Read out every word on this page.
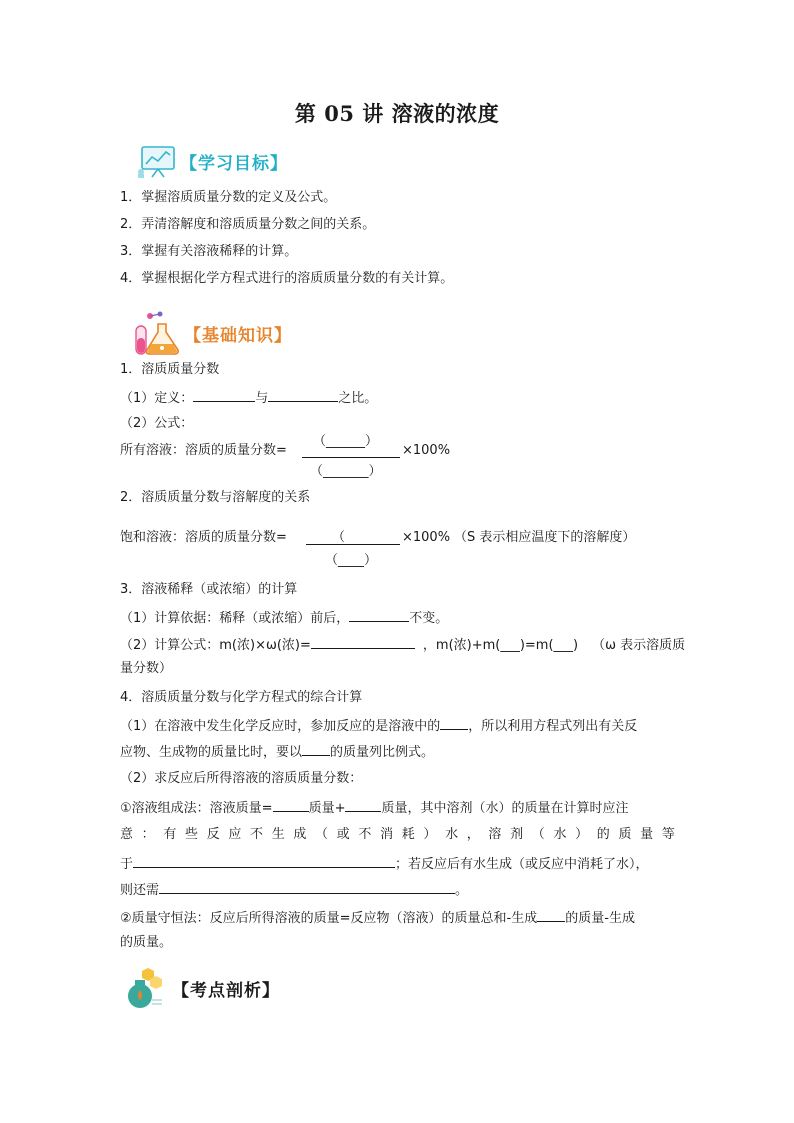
第 05 讲 溶液的浓度
【学习目标】
1．掌握溶质质量分数的定义及公式。
2．弄清溶解度和溶质质量分数之间的关系。
3．掌握有关溶液稀释的计算。
4．掌握根据化学方程式进行的溶质质量分数的有关计算。
【基础知识】
1．溶质质量分数
（1）定义：	与	之比。
（2）公式：
（______）
所有溶液：溶质的质量分数=	×100%
（_______）
2．溶质质量分数与溶解度的关系
（
饱和溶液：溶质的质量分数=	×100% （S 表示相应温度下的溶解度）
（____）
3．溶液稀释（或浓缩）的计算
（1）计算依据：稀释（或浓缩）前后，	不变。
（2）计算公式：m(浓)×ω(浓)=	，m(浓)+m(___)=m(___) （ω 表示溶质质
量分数）
4．溶质质量分数与化学方程式的综合计算
（1）在溶液中发生化学反应时，参加反应的是溶液中的 ，所以利用方程式列出有关反
应物、生成物的质量比时，要以 的质量列比例式。
（2）求反应后所得溶液的溶质质量分数：
①溶液组成法：溶液质量=	质量+	质量，其中溶剂（水）的质量在计算时应注
意 ： 有 些 反 应 不 生 成 （ 或 不 消 耗 ） 水 ， 溶 剂 （ 水 ） 的 质 量 等
于	；若反应后有水生成（或反应中消耗了水），
则还需	。
②质量守恒法：反应后所得溶液的质量=反应物（溶液）的质量总和-生成 的质量-生成
的质量。
【考点剖析】
